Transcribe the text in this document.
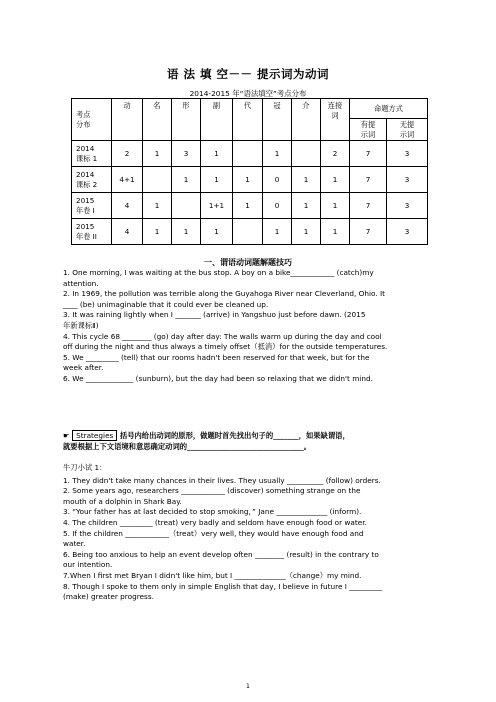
语 法 填 空－－ 提示词为动词
2014-2015 年“语法填空”考点分布
考点
分布	动	名	形	副	代	冠	介	连接
词	命题方式	
									有提
示词	无提
示词
2014
课标 1	2	1	3	1		1		2	7	3
2014
课标 2	4+1		1	1	1	0	1	1	7	3
2015
年卷 I	4	1		1+1	1	0	1	1	7	3
2015
年卷 II	4	1	1	1		1	1	1	7	3
一、谓语动词题解题技巧

1. One morning, I was waiting at the bus stop. A boy on a bike____________ (catch)my

attention.

2. In 1969, the pollution was terrible along the Guyahoga River near Cleverland, Ohio. It

____ (be) unimaginable that it could ever be cleaned up.

3. It was raining lightly when I _______ (arrive) in Yangshuo just before dawn. (2015

年新课标Ⅱ)

4. This cycle 68 ________ (go) day after day: The walls warm up during the day and cool

off during the night and thus always a timely offset（抵消）for the outside temperatures.

5. We _________ (tell) that our rooms hadn't been reserved for that week, but for the

week after.

6. We _____________ (sunburn), but the day had been so relaxing that we didn't mind.

☛ Strategies 括号内给出动词的原形，做题时首先找出句子的_______，如果缺谓语，
就要根据上下文语境和意思确定动词的________________________________。

牛刀小试 1：

1. They didn't take many chances in their lives. They usually __________ (follow) orders.

2. Some years ago, researchers ____________ (discover) something strange on the

mouth of a dolphin in Shark Bay.

3. “Your father has at last decided to stop smoking，” Jane ______________ (inform).

4. The children _________ (treat) very badly and seldom have enough food or water.

5. If the children ____________（treat）very well, they would have enough food and

water.

6. Being too anxious to help an event develop often ________ (result) in the contrary to

our intention.

7.When I first met Bryan I didn't like him, but I ______________（change）my mind.

8. Though I spoke to them only in simple English that day, I believe in future I _________

(make) greater progress.

1
